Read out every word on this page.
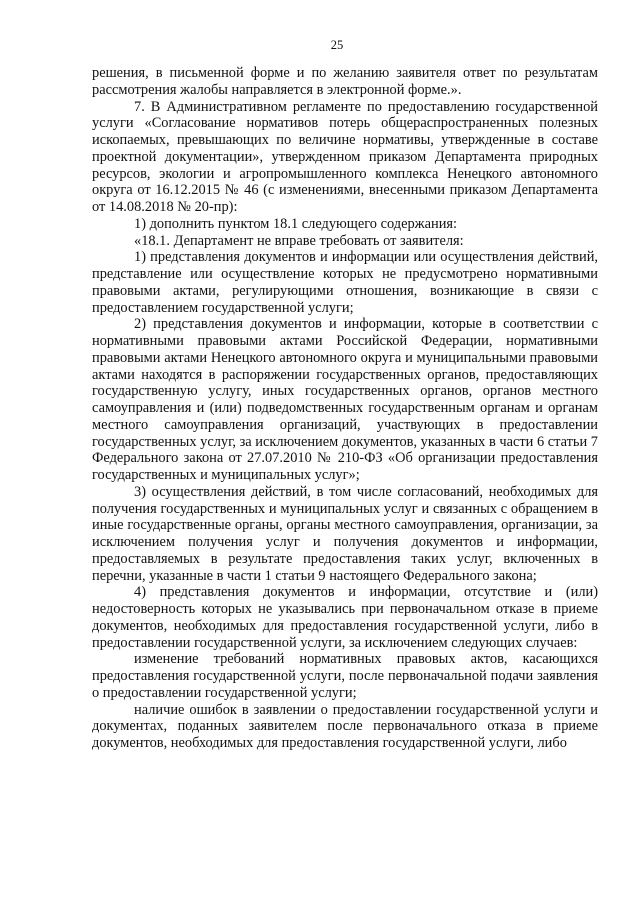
25

решения, в письменной форме и по желанию заявителя ответ по результатам рассмотрения жалобы направляется в электронной форме.».

7. В Административном регламенте по предоставлению государственной услуги «Согласование нормативов потерь общераспространенных полезных ископаемых, превышающих по величине нормативы, утвержденные в составе проектной документации», утвержденном приказом Департамента природных ресурсов, экологии и агропромышленного комплекса Ненецкого автономного округа от 16.12.2015 № 46 (с изменениями, внесенными приказом Департамента от 14.08.2018 № 20-пр):

1) дополнить пунктом 18.1 следующего содержания:

«18.1. Департамент не вправе требовать от заявителя:

1) представления документов и информации или осуществления действий, представление или осуществление которых не предусмотрено нормативными правовыми актами, регулирующими отношения, возникающие в связи с предоставлением государственной услуги;

2) представления документов и информации, которые в соответствии с нормативными правовыми актами Российской Федерации, нормативными правовыми актами Ненецкого автономного округа и муниципальными правовыми актами находятся в распоряжении государственных органов, предоставляющих государственную услугу, иных государственных органов, органов местного самоуправления и (или) подведомственных государственным органам и органам местного самоуправления организаций, участвующих в предоставлении государственных услуг, за исключением документов, указанных в части 6 статьи 7 Федерального закона от 27.07.2010 № 210-ФЗ «Об организации предоставления государственных и муниципальных услуг»;

3) осуществления действий, в том числе согласований, необходимых для получения государственных и муниципальных услуг и связанных с обращением в иные государственные органы, органы местного самоуправления, организации, за исключением получения услуг и получения документов и информации, предоставляемых в результате предоставления таких услуг, включенных в перечни, указанные в части 1 статьи 9 настоящего Федерального закона;

4) представления документов и информации, отсутствие и (или) недостоверность которых не указывались при первоначальном отказе в приеме документов, необходимых для предоставления государственной услуги, либо в предоставлении государственной услуги, за исключением следующих случаев:

изменение требований нормативных правовых актов, касающихся предоставления государственной услуги, после первоначальной подачи заявления о предоставлении государственной услуги;

наличие ошибок в заявлении о предоставлении государственной услуги и документах, поданных заявителем после первоначального отказа в приеме документов, необходимых для предоставления государственной услуги, либо
